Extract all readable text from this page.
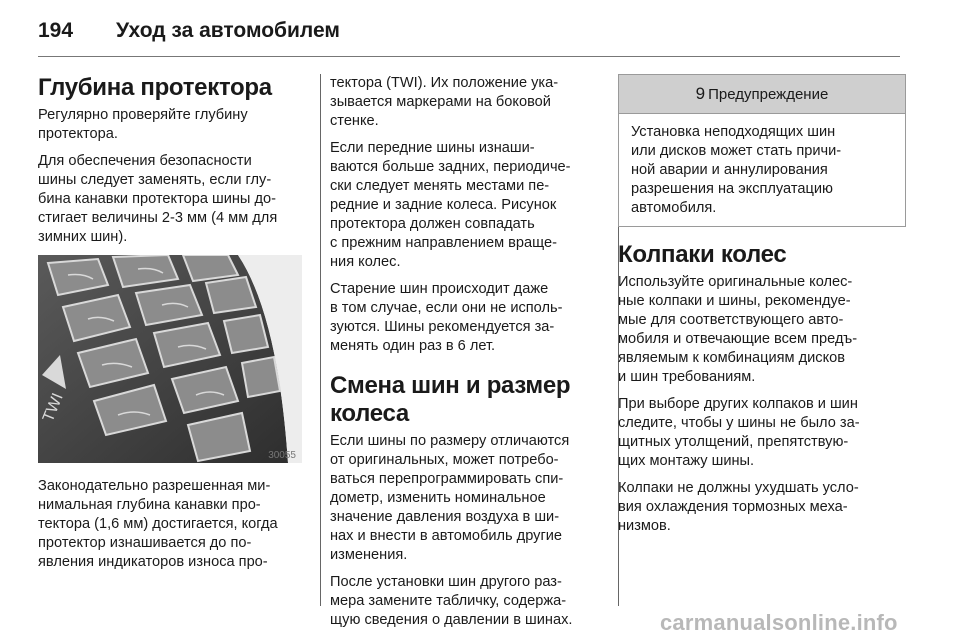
194	Уход за автомобилем
Глубина протектора

Регулярно проверяйте глубину
протектора.

Для обеспечения безопасности
шины следует заменять, если глу-
бина канавки протектора шины до-
стигает величины 2-3 мм (4 мм для
зимних шин).

TWI
30055

Законодательно разрешенная ми-
нимальная глубина канавки про-
тектора (1,6 мм) достигается, когда
протектор изнашивается до по-
явления индикаторов износа про-

тектора (TWI). Их положение ука-
зывается маркерами на боковой
стенке.

Если передние шины изнаши-
ваются больше задних, периодиче-
ски следует менять местами пе-
редние и задние колеса. Рисунок
протектора должен совпадать
с прежним направлением враще-
ния колес.

Старение шин происходит даже
в том случае, если они не исполь-
зуются. Шины рекомендуется за-
менять один раз в 6 лет.

Смена шин и размер
колеса

Если шины по размеру отличаются
от оригинальных, может потребо-
ваться перепрограммировать спи-
дометр, изменить номинальное
значение давления воздуха в ши-
нах и внести в автомобиль другие
изменения.

После установки шин другого раз-
мера замените табличку, содержа-
щую сведения о давлении в шинах.

9 Предупреждение
Установка неподходящих шин
или дисков может стать причи-
ной аварии и аннулирования
разрешения на эксплуатацию
автомобиля.
Колпаки колес

Используйте оригинальные колес-
ные колпаки и шины, рекомендуе-
мые для соответствующего авто-
мобиля и отвечающие всем предъ-
являемым к комбинациям дисков
и шин требованиям.

При выборе других колпаков и шин
следите, чтобы у шины не было за-
щитных утолщений, препятствую-
щих монтажу шины.

Колпаки не должны ухудшать усло-
вия охлаждения тормозных меха-
низмов.

carmanualsonline.info
